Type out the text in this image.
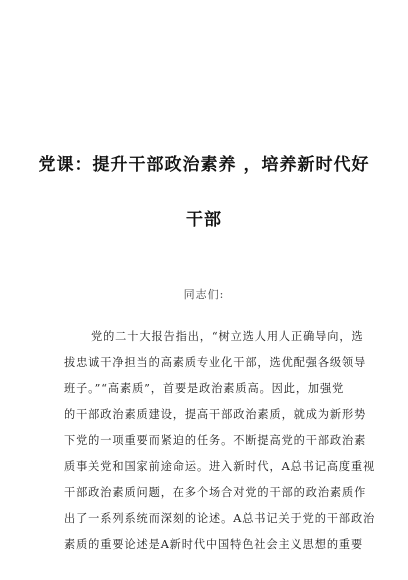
党课：提升干部政治素养 ，培养新时代好
干部
同志们:
党的二十大报告指出，“树立选人用人正确导向，选
拔忠诚干净担当的高素质专业化干部，选优配强各级领导
班子。”“高素质”，首要是政治素质高。因此，加强党
的干部政治素质建设，提高干部政治素质，就成为新形势
下党的一项重要而紧迫的任务。不断提高党的干部政治素
质事关党和国家前途命运。进入新时代，A总书记高度重视
干部政治素质问题，在多个场合对党的干部的政治素质作
出了一系列系统而深刻的论述。A总书记关于党的干部政治
素质的重要论述是A新时代中国特色社会主义思想的重要
